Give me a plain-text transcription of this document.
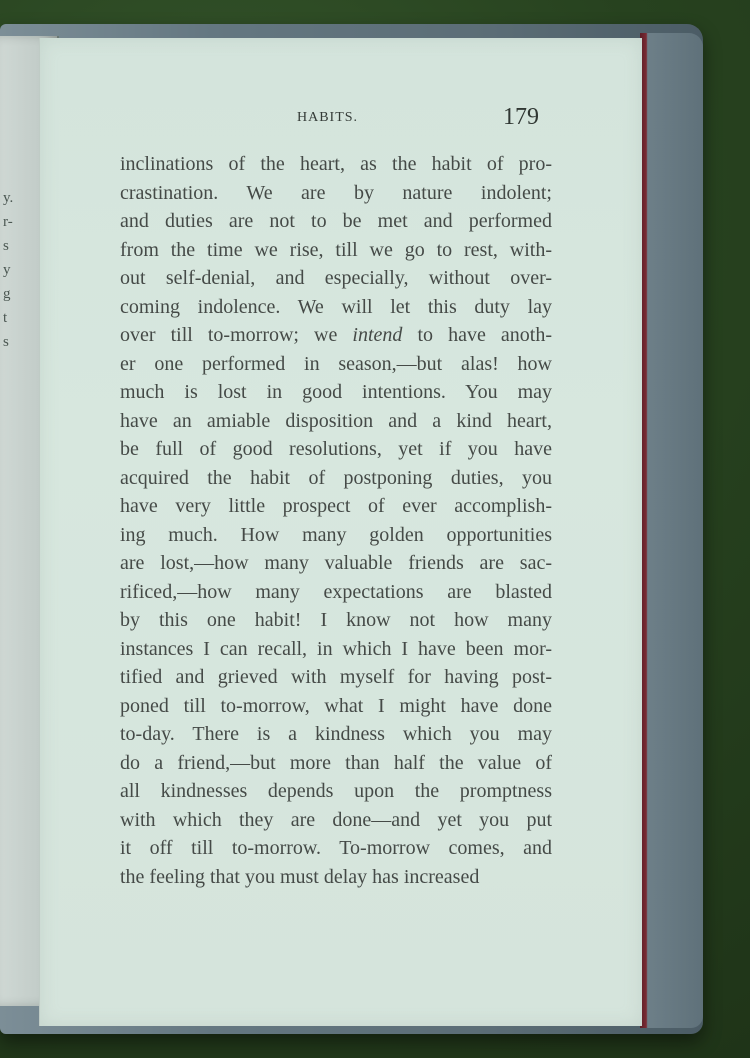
y.
r-
s
y
g
t
s
HABITS.	179
inclinations of the heart, as the habit of pro-
crastination. We are by nature indolent;
and duties are not to be met and performed
from the time we rise, till we go to rest, with-
out self-denial, and especially, without over-
coming indolence. We will let this duty lay
over till to-morrow; we intend to have anoth-
er one performed in season,—but alas! how
much is lost in good intentions. You may
have an amiable disposition and a kind heart,
be full of good resolutions, yet if you have
acquired the habit of postponing duties, you
have very little prospect of ever accomplish-
ing much. How many golden opportunities
are lost,—how many valuable friends are sac-
rificed,—how many expectations are blasted
by this one habit! I know not how many
instances I can recall, in which I have been mor-
tified and grieved with myself for having post-
poned till to-morrow, what I might have done
to-day. There is a kindness which you may
do a friend,—but more than half the value of
all kindnesses depends upon the promptness
with which they are done—and yet you put
it off till to-morrow. To-morrow comes, and
the feeling that you must delay has increased
